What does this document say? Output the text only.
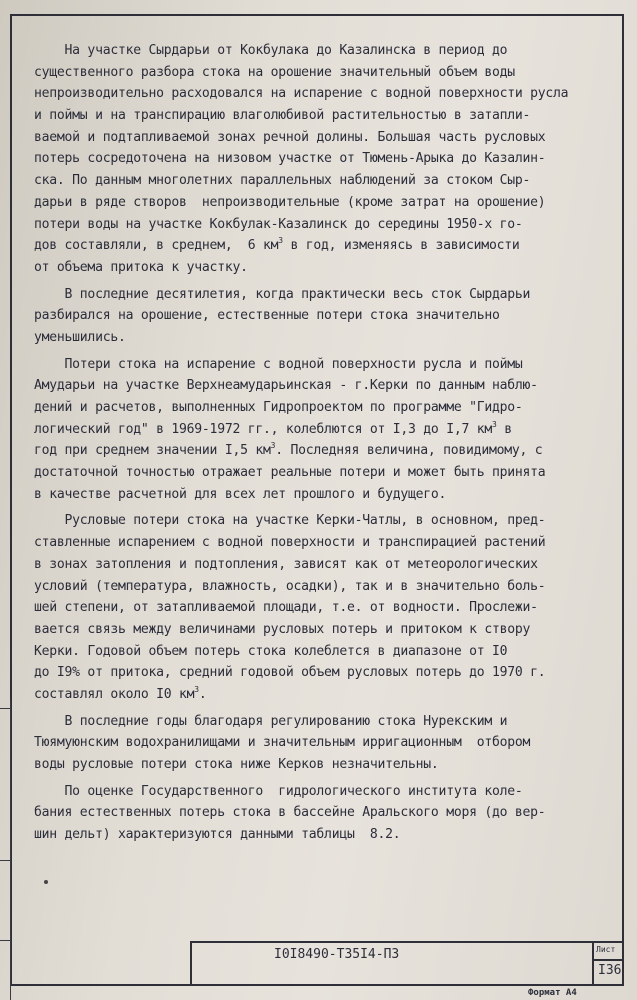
На участке Сырдарьи от Кокбулака до Казалинска в период до
существенного разбора стока на орошение значительный объем воды
непроизводительно расходовался на испарение с водной поверхности русла
и поймы и на транспирацию влаголюбивой растительностью в затапли-
ваемой и подтапливаемой зонах речной долины. Большая часть русловых
потерь сосредоточена на низовом участке от Тюмень-Арыка до Казалин-
ска. По данным многолетних параллельных наблюдений за стоком Сыр-
дарьи в ряде створов  непроизводительные (кроме затрат на орошение)
потери воды на участке Кокбулак-Казалинск до середины 1950-х го-
дов составляли, в среднем,  6 $км^3$ в год, изменяясь в зависимости
от объема притока к участку.
В последние десятилетия, когда практически весь сток Сырдарьи
разбирался на орошение, естественные потери стока значительно
уменьшились.
Потери стока на испарение с водной поверхности русла и поймы
Амударьи на участке Верхнеамударьинская - г.Керки по данным наблю-
дений и расчетов, выполненных Гидропроектом по программе "Гидро-
логический год" в 1969-1972 гг., колеблются от I,3 до I,7 $км^3$ в
год при среднем значении I,5 $км^3$. Последняя величина, повидимому, с
достаточной точностью отражает реальные потери и может быть принята
в качестве расчетной для всех лет прошлого и будущего.
Русловые потери стока на участке Керки-Чатлы, в основном, пред-
ставленные испарением с водной поверхности и транспирацией растений
в зонах затопления и подтопления, зависят как от метеорологических
условий (температура, влажность, осадки), так и в значительно боль-
шей степени, от затапливаемой площади, т.е. от водности. Прослежи-
вается связь между величинами русловых потерь и притоком к створу
Керки. Годовой объем потерь стока колеблется в диапазоне от I0
до I9% от притока, средний годовой объем русловых потерь до 1970 г.
составлял около I0 $км^3$.
В последние годы благодаря регулированию стока Нурекским и
Тюямуюнским водохранилищами и значительным ирригационным  отбором
воды русловые потери стока ниже Керков незначительны.
По оценке Государственного  гидрологического института коле-
бания естественных потерь стока в бассейне Аральского моря (до вер-
шин дельт) характеризуются данными таблицы  8.2.
I0I8490-Т35I4-ПЗ	Лист
I36
Формат А4
